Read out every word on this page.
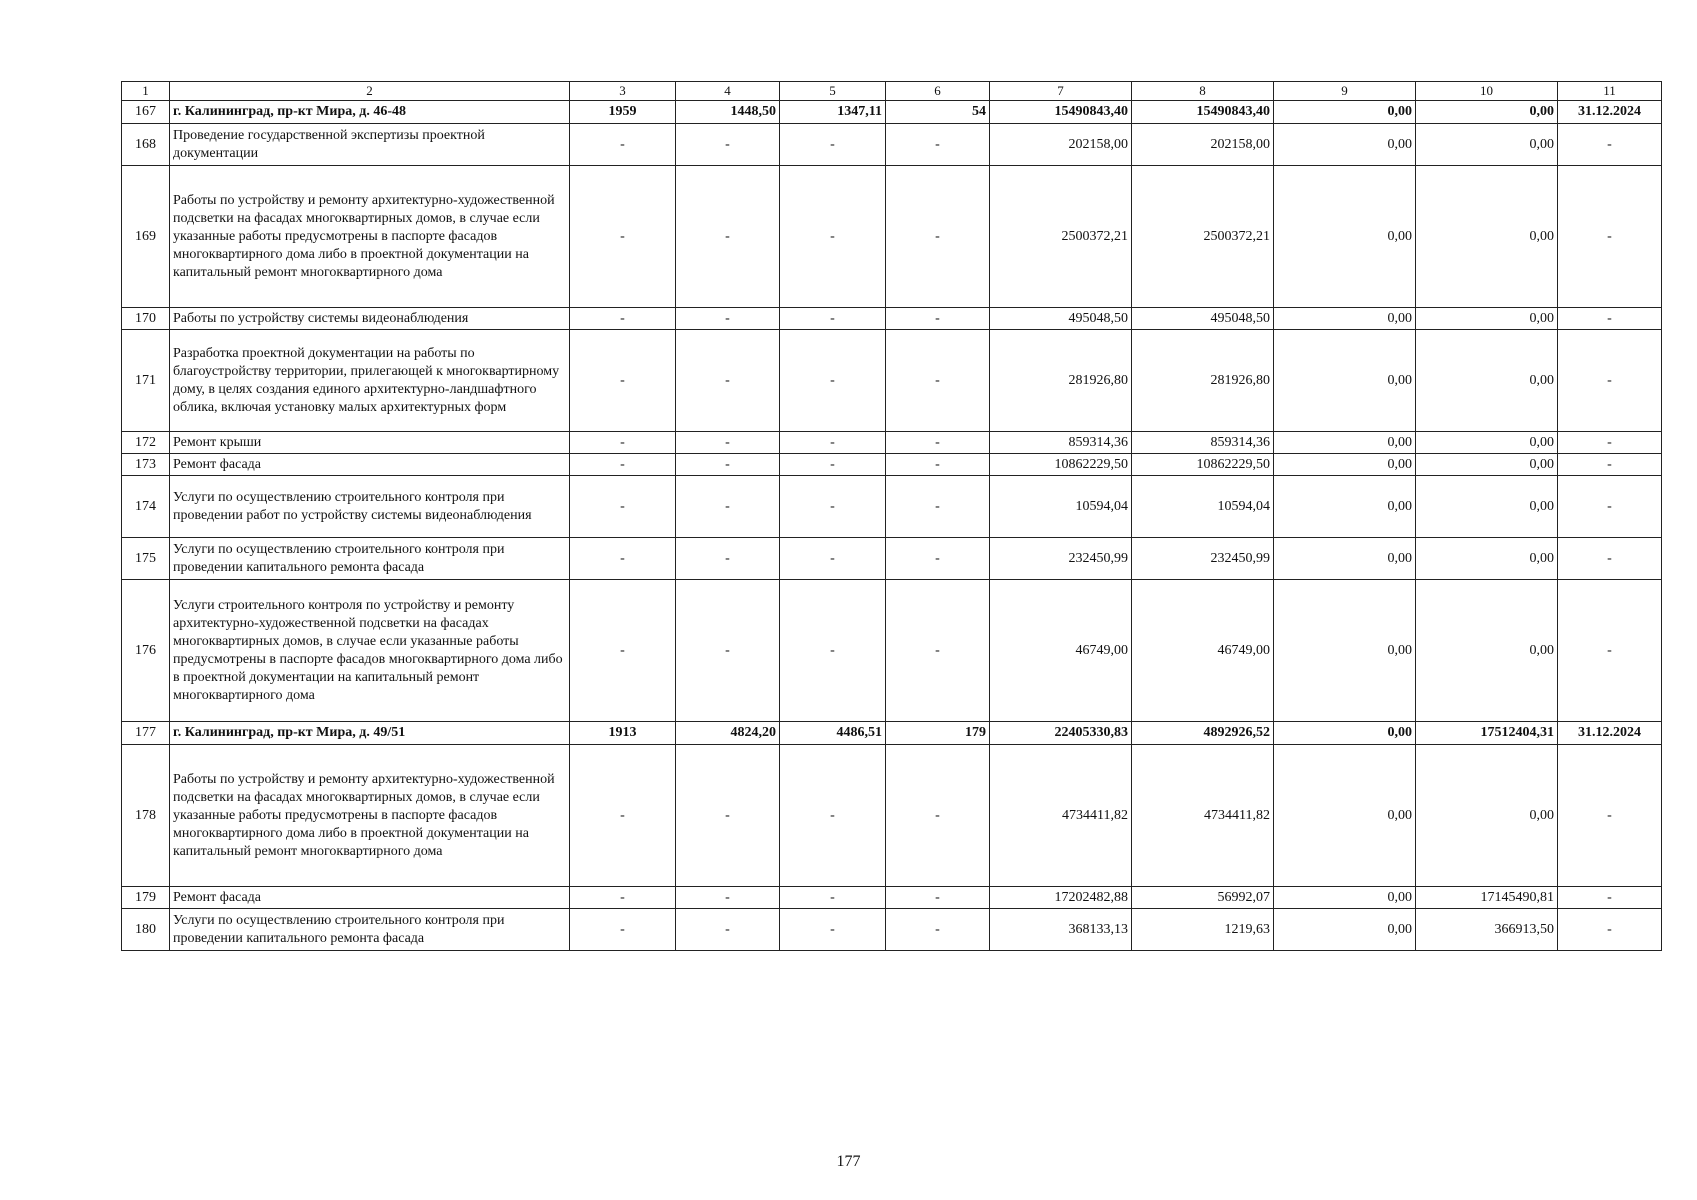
1	2	3	4	5	6	7	8	9	10	11
167	г. Калининград, пр-кт Мира, д. 46-48	1959	1448,50	1347,11	54	15490843,40	15490843,40	0,00	0,00	31.12.2024
168	Проведение государственной экспертизы проектной документации	-	-	-	-	202158,00	202158,00	0,00	0,00	-
169	Работы по устройству и ремонту архитектурно-художественной подсветки на фасадах многоквартирных домов, в случае если указанные работы предусмотрены в паспорте фасадов многоквартирного дома либо в проектной документации на капитальный ремонт многоквартирного дома	-	-	-	-	2500372,21	2500372,21	0,00	0,00	-
170	Работы по устройству системы видеонаблюдения	-	-	-	-	495048,50	495048,50	0,00	0,00	-
171	Разработка проектной документации на работы по благоустройству территории, прилегающей к многоквартирному дому, в целях создания единого архитектурно-ландшафтного облика, включая установку малых архитектурных форм	-	-	-	-	281926,80	281926,80	0,00	0,00	-
172	Ремонт крыши	-	-	-	-	859314,36	859314,36	0,00	0,00	-
173	Ремонт фасада	-	-	-	-	10862229,50	10862229,50	0,00	0,00	-
174	Услуги по осуществлению строительного контроля при проведении работ по устройству системы видеонаблюдения	-	-	-	-	10594,04	10594,04	0,00	0,00	-
175	Услуги по осуществлению строительного контроля при проведении капитального ремонта фасада	-	-	-	-	232450,99	232450,99	0,00	0,00	-
176	Услуги строительного контроля по устройству и ремонту архитектурно-художественной подсветки на фасадах многоквартирных домов, в случае если указанные работы предусмотрены в паспорте фасадов многоквартирного дома либо в проектной документации на капитальный ремонт многоквартирного дома	-	-	-	-	46749,00	46749,00	0,00	0,00	-
177	г. Калининград, пр-кт Мира, д. 49/51	1913	4824,20	4486,51	179	22405330,83	4892926,52	0,00	17512404,31	31.12.2024
178	Работы по устройству и ремонту архитектурно-художественной подсветки на фасадах многоквартирных домов, в случае если указанные работы предусмотрены в паспорте фасадов многоквартирного дома либо в проектной документации на капитальный ремонт многоквартирного дома	-	-	-	-	4734411,82	4734411,82	0,00	0,00	-
179	Ремонт фасада	-	-	-	-	17202482,88	56992,07	0,00	17145490,81	-
180	Услуги по осуществлению строительного контроля при проведении капитального ремонта фасада	-	-	-	-	368133,13	1219,63	0,00	366913,50	-
177
